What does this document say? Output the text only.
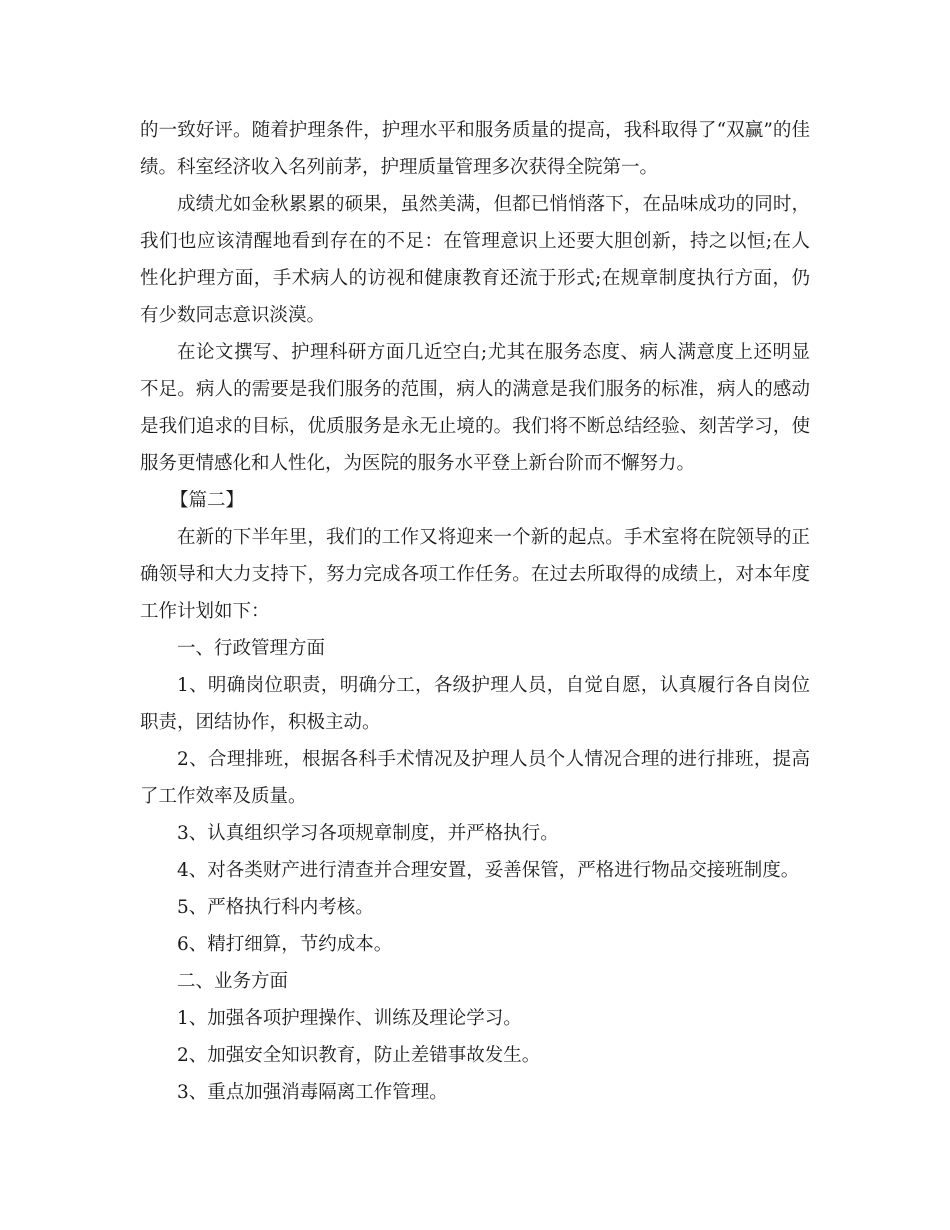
的一致好评。随着护理条件，护理水平和服务质量的提高，我科取得了“双赢”的佳绩。科室经济收入名列前茅，护理质量管理多次获得全院第一。

成绩尤如金秋累累的硕果，虽然美满，但都已悄悄落下，在品味成功的同时，我们也应该清醒地看到存在的不足：在管理意识上还要大胆创新，持之以恒;在人性化护理方面，手术病人的访视和健康教育还流于形式;在规章制度执行方面，仍有少数同志意识淡漠。

在论文撰写、护理科研方面几近空白;尤其在服务态度、病人满意度上还明显不足。病人的需要是我们服务的范围，病人的满意是我们服务的标准，病人的感动是我们追求的目标，优质服务是永无止境的。我们将不断总结经验、刻苦学习，使服务更情感化和人性化，为医院的服务水平登上新台阶而不懈努力。

【篇二】

在新的下半年里，我们的工作又将迎来一个新的起点。手术室将在院领导的正确领导和大力支持下，努力完成各项工作任务。在过去所取得的成绩上，对本年度工作计划如下：

一、行政管理方面

1、明确岗位职责，明确分工，各级护理人员，自觉自愿，认真履行各自岗位职责，团结协作，积极主动。

2、合理排班，根据各科手术情况及护理人员个人情况合理的进行排班，提高了工作效率及质量。

3、认真组织学习各项规章制度，并严格执行。

4、对各类财产进行清查并合理安置，妥善保管，严格进行物品交接班制度。

5、严格执行科内考核。

6、精打细算，节约成本。

二、业务方面

1、加强各项护理操作、训练及理论学习。

2、加强安全知识教育，防止差错事故发生。

3、重点加强消毒隔离工作管理。
